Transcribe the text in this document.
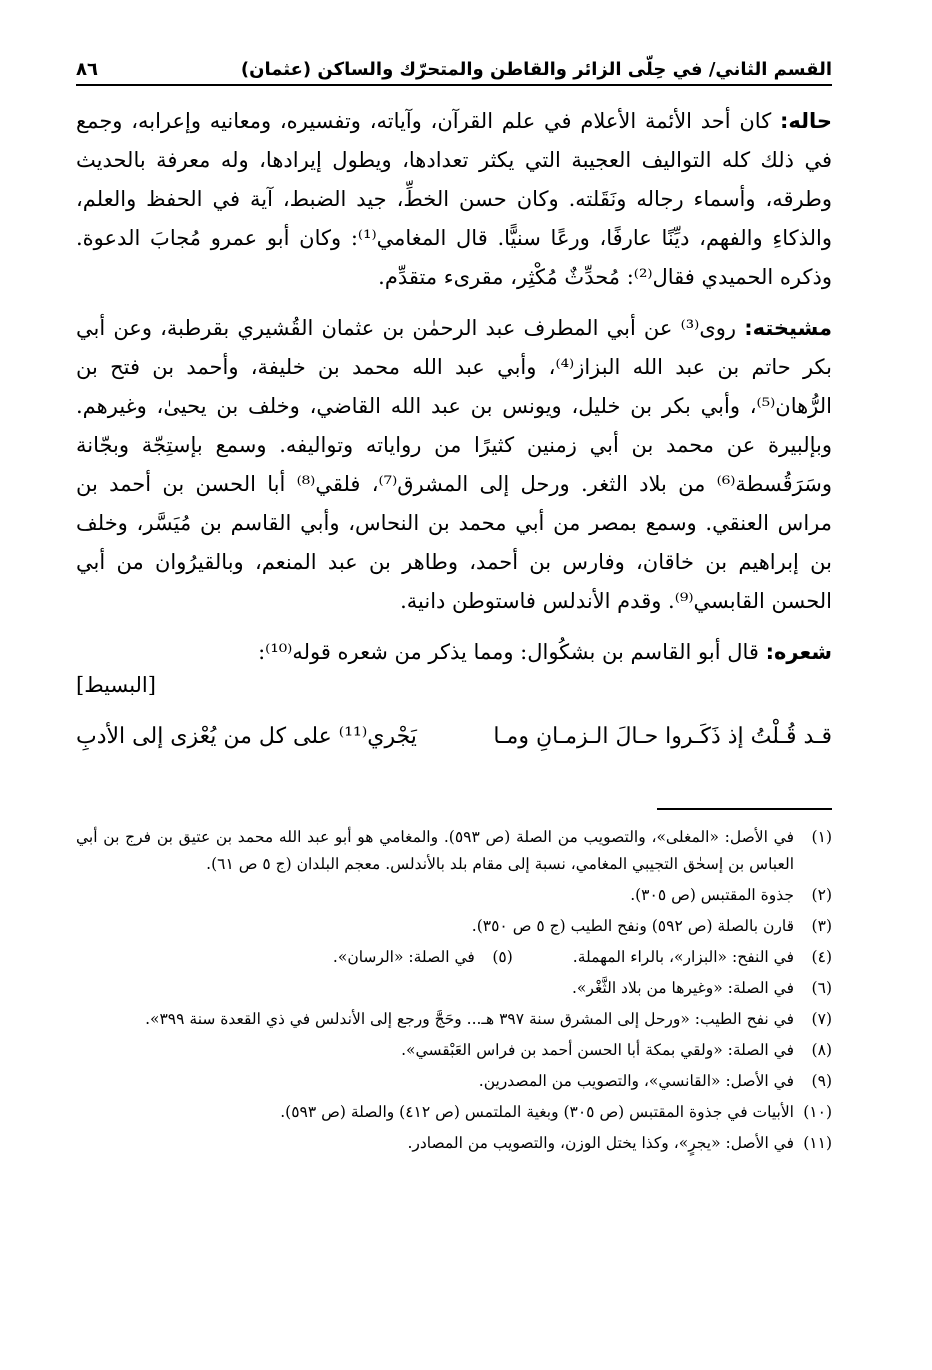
القسم الثاني/ في حِلّى الزائر والقاطن والمتحرّك والساكن (عثمان)
٨٦

حاله: كان أحد الأئمة الأعلام في علم القرآن، وآياته، وتفسيره، ومعانيه وإعرابه، وجمع في ذلك كله التواليف العجيبة التي يكثر تعدادها، ويطول إيرادها، وله معرفة بالحديث وطرقه، وأسماء رجاله ونَقَلته. وكان حسن الخطِّ، جيد الضبط، آية في الحفظ والعلم، والذكاءِ والفهم، ديِّنًا عارفًا، ورعًا سنيًّا. قال المغامي⁽¹⁾: وكان أبو عمرو مُجابَ الدعوة. وذكره الحميدي فقال⁽²⁾: مُحدِّثٌ مُكْثِر، مقرىء متقدِّم.

مشيخته: روى⁽³⁾ عن أبي المطرف عبد الرحمٰن بن عثمان القُشيري بقرطبة، وعن أبي بكر حاتم بن عبد الله البزاز⁽⁴⁾، وأبي عبد الله محمد بن خليفة، وأحمد بن فتح بن الرُّهان⁽⁵⁾، وأبي بكر بن خليل، ويونس بن عبد الله القاضي، وخلف بن يحيىٰ، وغيرهم. وبإلبيرة عن محمد بن أبي زمنين كثيرًا من رواياته وتواليفه. وسمع بإستِجّة وبجّانة وسَرَقُسطة⁽⁶⁾ من بلاد الثغر. ورحل إلى المشرق⁽⁷⁾، فلقي⁽⁸⁾ أبا الحسن بن أحمد بن مراس العنقي. وسمع بمصر من أبي محمد بن النحاس، وأبي القاسم بن مُيَسَّر، وخلف بن إبراهيم بن خاقان، وفارس بن أحمد، وطاهر بن عبد المنعم، وبالقيرُوان من أبي الحسن القابسي⁽⁹⁾. وقدم الأندلس فاستوطن دانية.

شعره: قال أبو القاسم بن بشكُوال: ومما يذكر من شعره قوله⁽¹⁰⁾:

[البسيط]
قـد قُـلْتُ إذ ذَكَـروا حـالَ الـزمـانِ ومـا
يَجْري⁽¹¹⁾ على كل من يُعْزى إلى الأدبِ
(١)
في الأصل: «المغلى»، والتصويب من الصلة (ص ٥٩٣). والمغامي هو أبو عبد الله محمد بن عتيق بن فرج بن أبي العباس بن إسحٰق التجيبي المغامي، نسبة إلى مقام بلد بالأندلس. معجم البلدان (ج ٥ ص ٦١).
(٢)
جذوة المقتبس (ص ٣٠٥).
(٣)
قارن بالصلة (ص ٥٩٢) ونفح الطيب (ج ٥ ص ٣٥٠).
(٤)
في النفح: «البزار»، بالراء المهملة.
(٥)
في الصلة: «الرسان».
(٦)
في الصلة: «وغيرها من بلاد الثَّغْر».
(٧)
في نفح الطيب: «ورحل إلى المشرق سنة ٣٩٧ هـ... وحَجَّ ورجع إلى الأندلس في ذي القعدة سنة ٣٩٩».
(٨)
في الصلة: «ولقي بمكة أبا الحسن أحمد بن فراس العَبْقسي».
(٩)
في الأصل: «القانسي»، والتصويب من المصدرين.
(١٠)
الأبيات في جذوة المقتبس (ص ٣٠٥) وبغية الملتمس (ص ٤١٢) والصلة (ص ٥٩٣).
(١١)
في الأصل: «يجرٍ»، وكذا يختل الوزن، والتصويب من المصادر.
